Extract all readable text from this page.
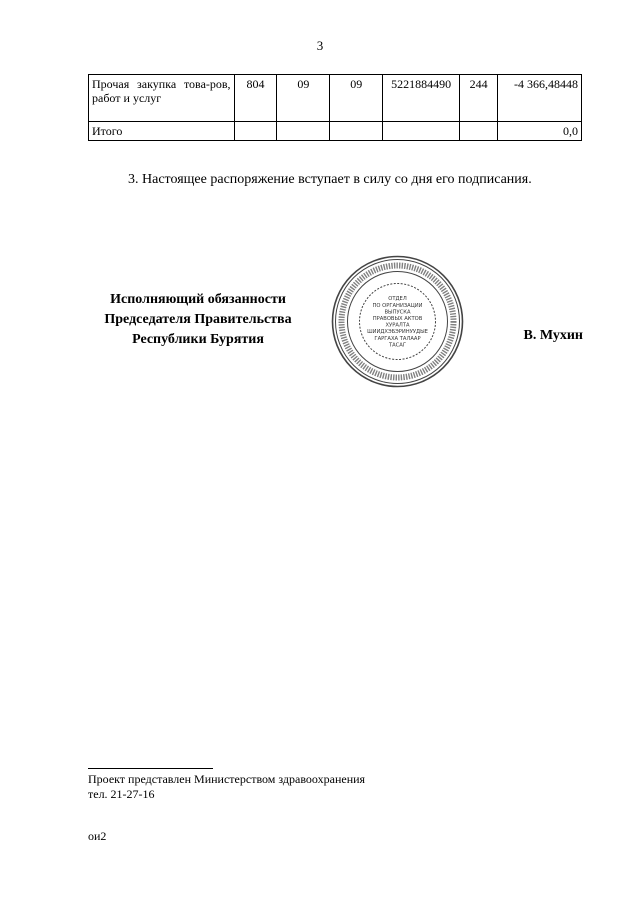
3
Прочая закупка това-ров, работ и услуг	804	09	09	5221884490	244	-4 366,48448
Итого						0,0
3. Настоящее распоряжение вступает в силу со дня его подписания.
Исполняющий обязанности
Председателя Правительства
Республики Бурятия
ОТДЕЛ
ПО ОРГАНИЗАЦИИ
ВЫПУСКА
ПРАВОВЫХ АКТОВ
ХУРАЛТА
ШИИДХЭБЭРИНУУДЫЕ
ГАРГАХА ТАЛААР
ТАСАГ
В. Мухин
Проект представлен Министерством здравоохранения
тел. 21-27-16
ои2
